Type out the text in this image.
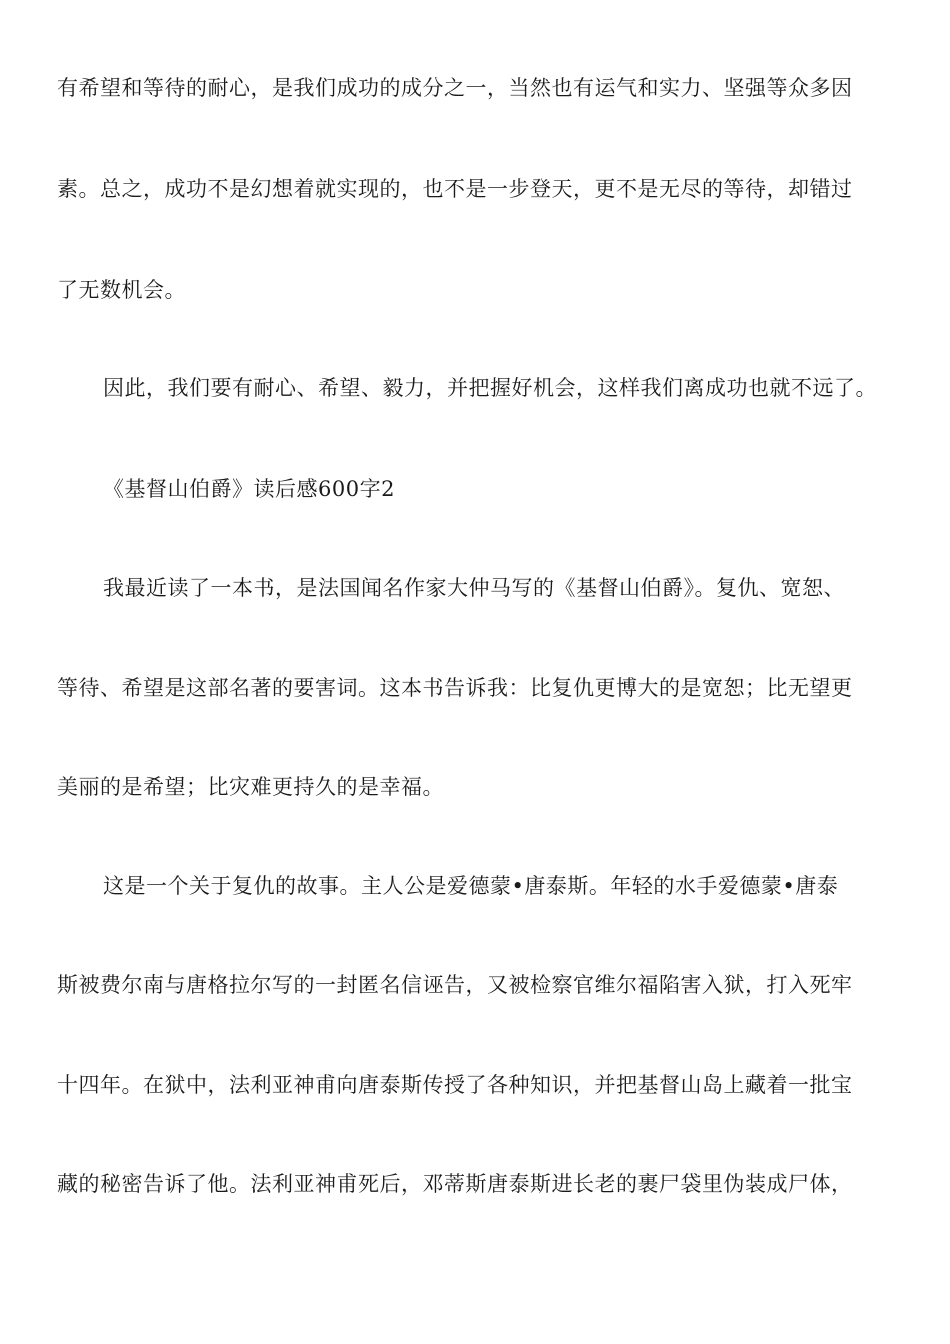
有希望和等待的耐心，是我们成功的成分之一，当然也有运气和实力、坚强等众多因
素。总之，成功不是幻想着就实现的，也不是一步登天，更不是无尽的等待，却错过
了无数机会。
因此，我们要有耐心、希望、毅力，并把握好机会，这样我们离成功也就不远了。
《基督山伯爵》读后感600字2
我最近读了一本书，是法国闻名作家大仲马写的《基督山伯爵》。复仇、宽恕、
等待、希望是这部名著的要害词。这本书告诉我：比复仇更博大的是宽恕；比无望更
美丽的是希望；比灾难更持久的是幸福。
这是一个关于复仇的故事。主人公是爱德蒙•唐泰斯。年轻的水手爱德蒙•唐泰
斯被费尔南与唐格拉尔写的一封匿名信诬告，又被检察官维尔福陷害入狱，打入死牢
十四年。在狱中，法利亚神甫向唐泰斯传授了各种知识，并把基督山岛上藏着一批宝
藏的秘密告诉了他。法利亚神甫死后，邓蒂斯唐泰斯进长老的裹尸袋里伪装成尸体，
